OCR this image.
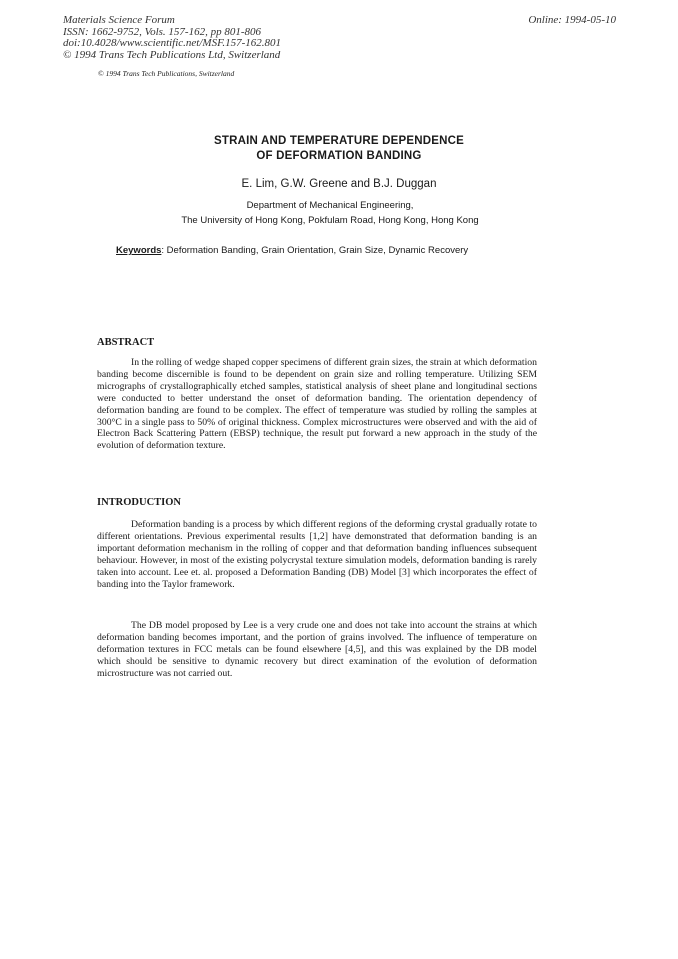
Materials Science Forum
ISSN: 1662-9752, Vols. 157-162, pp 801-806
doi:10.4028/www.scientific.net/MSF.157-162.801
© 1994 Trans Tech Publications Ltd, Switzerland
Online: 1994-05-10
© 1994 Trans Tech Publications, Switzerland
STRAIN AND TEMPERATURE DEPENDENCE
OF DEFORMATION BANDING
E. Lim, G.W. Greene and B.J. Duggan
Department of Mechanical Engineering,
The University of Hong Kong, Pokfulam Road, Hong Kong, Hong Kong
Keywords: Deformation Banding, Grain Orientation, Grain Size, Dynamic Recovery
ABSTRACT

In the rolling of wedge shaped copper specimens of different grain sizes, the strain at which deformation banding become discernible is found to be dependent on grain size and rolling temperature. Utilizing SEM micrographs of crystallographically etched samples, statistical analysis of sheet plane and longitudinal sections were conducted to better understand the onset of deformation banding. The orientation dependency of deformation banding are found to be complex. The effect of temperature was studied by rolling the samples at 300°C in a single pass to 50% of original thickness. Complex microstructures were observed and with the aid of Electron Back Scattering Pattern (EBSP) technique, the result put forward a new approach in the study of the evolution of deformation texture.

INTRODUCTION

Deformation banding is a process by which different regions of the deforming crystal gradually rotate to different orientations. Previous experimental results [1,2] have demonstrated that deformation banding is an important deformation mechanism in the rolling of copper and that deformation banding influences subsequent behaviour. However, in most of the existing polycrystal texture simulation models, deformation banding is rarely taken into account. Lee et. al. proposed a Deformation Banding (DB) Model [3] which incorporates the effect of banding into the Taylor framework.

The DB model proposed by Lee is a very crude one and does not take into account the strains at which deformation banding becomes important, and the portion of grains involved. The influence of temperature on deformation textures in FCC metals can be found elsewhere [4,5], and this was explained by the DB model which should be sensitive to dynamic recovery but direct examination of the evolution of deformation microstructure was not carried out.
